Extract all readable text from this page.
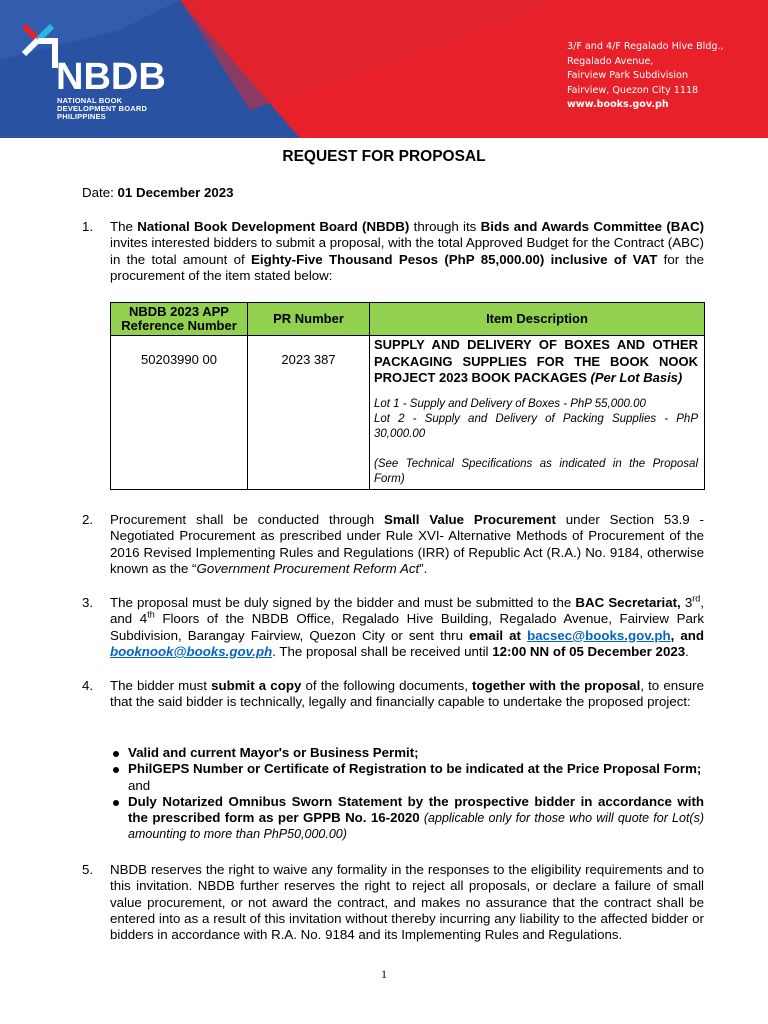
NBDB
NATIONAL BOOK
DEVELOPMENT BOARD
PHILIPPINES
3/F and 4/F Regalado Hive Bldg.,
Regalado Avenue,
Fairview Park Subdivision
Fairview, Quezon City 1118
www.books.gov.ph
REQUEST FOR PROPOSAL
Date: 01 December 2023
1. The National Book Development Board (NBDB) through its Bids and Awards Committee (BAC) invites interested bidders to submit a proposal, with the total Approved Budget for the Contract (ABC) in the total amount of Eighty-Five Thousand Pesos (PhP 85,000.00) inclusive of VAT for the procurement of the item stated below:
NBDB 2023 APP Reference Number	PR Number	Item Description
50203990 00	2023 387	SUPPLY AND DELIVERY OF BOXES AND OTHER PACKAGING SUPPLIES FOR THE BOOK NOOK PROJECT 2023 BOOK PACKAGES (Per Lot Basis)
Lot 1 - Supply and Delivery of Boxes - PhP 55,000.00
Lot 2 - Supply and Delivery of Packing Supplies - PhP 30,000.00
(See Technical Specifications as indicated in the Proposal Form)
2. Procurement shall be conducted through Small Value Procurement under Section 53.9 - Negotiated Procurement as prescribed under Rule XVI- Alternative Methods of Procurement of the 2016 Revised Implementing Rules and Regulations (IRR) of Republic Act (R.A.) No. 9184, otherwise known as the “Government Procurement Reform Act”.
3. The proposal must be duly signed by the bidder and must be submitted to the BAC Secretariat, 3rd, and 4th Floors of the NBDB Office, Regalado Hive Building, Regalado Avenue, Fairview Park Subdivision, Barangay Fairview, Quezon City or sent thru email at bacsec@books.gov.ph, and booknook@books.gov.ph. The proposal shall be received until 12:00 NN of 05 December 2023.
4. The bidder must submit a copy of the following documents, together with the proposal, to ensure that the said bidder is technically, legally and financially capable to undertake the proposed project:
Valid and current Mayor's or Business Permit;
PhilGEPS Number or Certificate of Registration to be indicated at the Price Proposal Form;
and
Duly Notarized Omnibus Sworn Statement by the prospective bidder in accordance with the prescribed form as per GPPB No. 16-2020 (applicable only for those who will quote for Lot(s) amounting to more than PhP50,000.00)
5. NBDB reserves the right to waive any formality in the responses to the eligibility requirements and to this invitation. NBDB further reserves the right to reject all proposals, or declare a failure of small value procurement, or not award the contract, and makes no assurance that the contract shall be entered into as a result of this invitation without thereby incurring any liability to the affected bidder or bidders in accordance with R.A. No. 9184 and its Implementing Rules and Regulations.
1
